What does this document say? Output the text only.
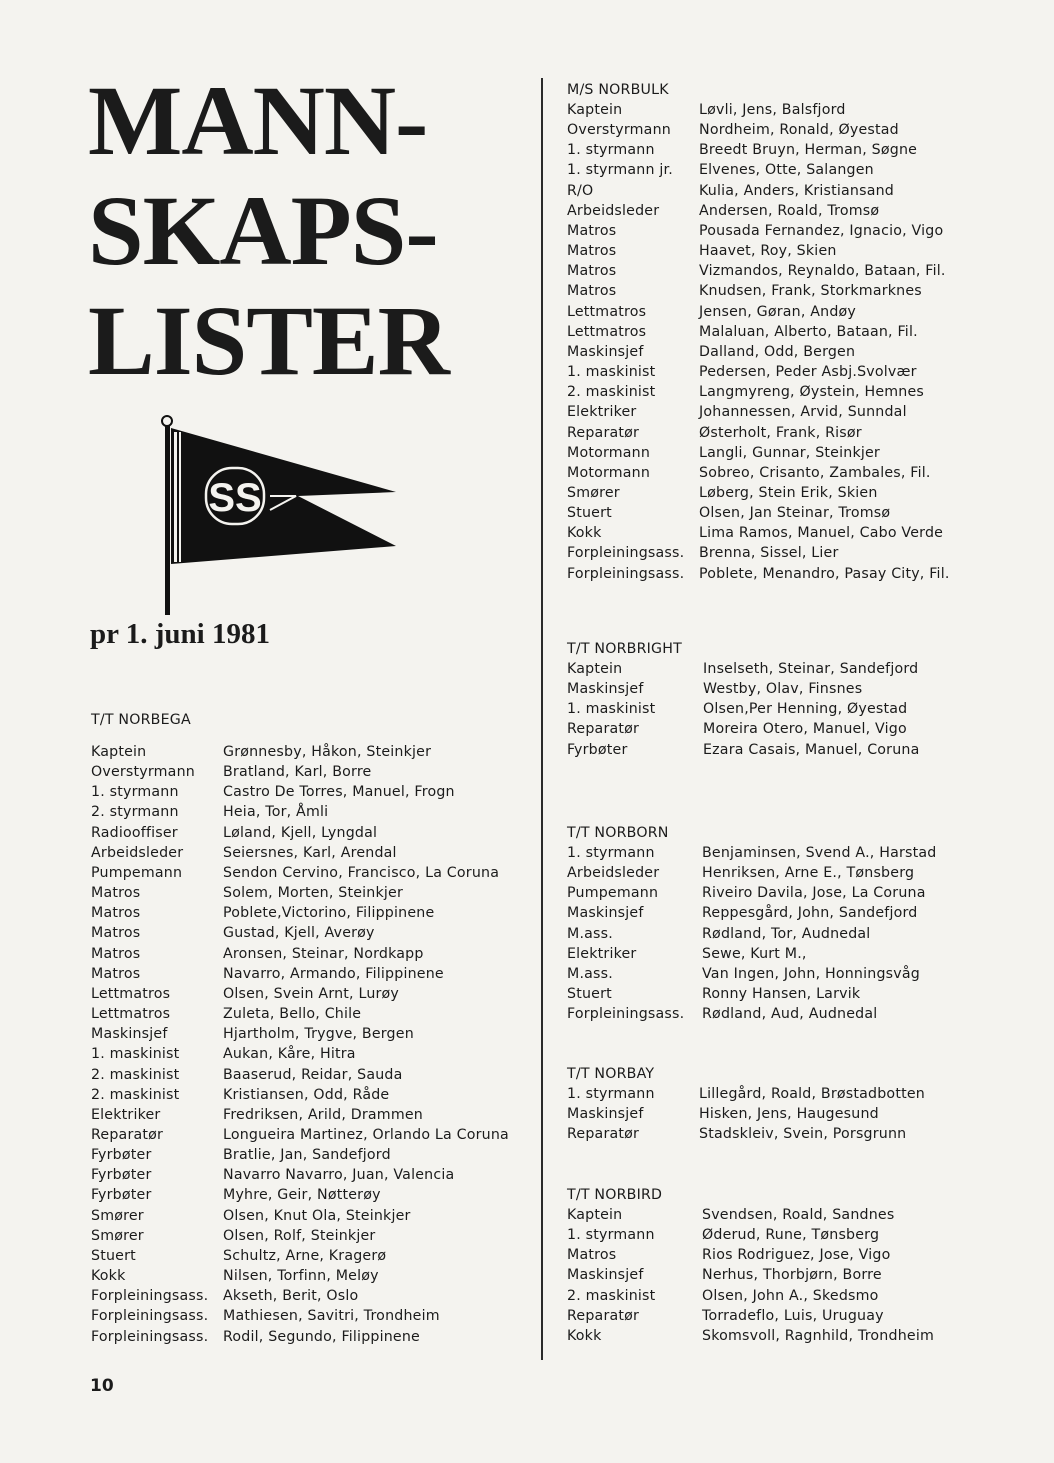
MANN-
SKAPS-
LISTER
SS
pr 1. juni 1981
T/T NORBEGA
Kaptein	Grønnesby, Håkon, Steinkjer
Overstyrmann Bratland, Karl, Borre
1. styrmann	Castro De Torres, Manuel, Frogn
2. styrmann	Heia, Tor, Åmli
Radiooffiser	Løland, Kjell, Lyngdal
Arbeidsleder	Seiersnes, Karl, Arendal
Pumpemann	Sendon Cervino, Francisco, La Coruna
Matros	Solem, Morten, Steinkjer
Matros	Poblete,Victorino, Filippinene
Matros	Gustad, Kjell, Averøy
Matros	Aronsen, Steinar, Nordkapp
Matros	Navarro, Armando, Filippinene
Lettmatros	Olsen, Svein Arnt, Lurøy
Lettmatros	Zuleta, Bello, Chile
Maskinsjef	Hjartholm, Trygve, Bergen
1. maskinist	Aukan, Kåre, Hitra
2. maskinist	Baaserud, Reidar, Sauda
2. maskinist	Kristiansen, Odd, Råde
Elektriker	Fredriksen, Arild, Drammen
Reparatør	Longueira Martinez, Orlando La Coruna
Fyrbøter	Bratlie, Jan, Sandefjord
Fyrbøter	Navarro Navarro, Juan, Valencia
Fyrbøter	Myhre, Geir, Nøtterøy
Smører	Olsen, Knut Ola, Steinkjer
Smører	Olsen, Rolf, Steinkjer
Stuert	Schultz, Arne, Kragerø
Kokk	Nilsen, Torfinn, Meløy
Forpleiningsass. Akseth, Berit, Oslo
Forpleiningsass. Mathiesen, Savitri, Trondheim
Forpleiningsass. Rodil, Segundo, Filippinene
M/S NORBULK
Kaptein	Løvli, Jens, Balsfjord
Overstyrmann Nordheim, Ronald, Øyestad
1. styrmann	Breedt Bruyn, Herman, Søgne
1. styrmann jr. Elvenes, Otte, Salangen
R/O	Kulia, Anders, Kristiansand
Arbeidsleder	Andersen, Roald, Tromsø
Matros	Pousada Fernandez, Ignacio, Vigo
Matros	Haavet, Roy, Skien
Matros	Vizmandos, Reynaldo, Bataan, Fil.
Matros	Knudsen, Frank, Storkmarknes
Lettmatros	Jensen, Gøran, Andøy
Lettmatros	Malaluan, Alberto, Bataan, Fil.
Maskinsjef	Dalland, Odd, Bergen
1. maskinist	Pedersen, Peder Asbj.Svolvær
2. maskinist	Langmyreng, Øystein, Hemnes
Elektriker	Johannessen, Arvid, Sunndal
Reparatør	Østerholt, Frank, Risør
Motormann	Langli, Gunnar, Steinkjer
Motormann	Sobreo, Crisanto, Zambales, Fil.
Smører	Løberg, Stein Erik, Skien
Stuert	Olsen, Jan Steinar, Tromsø
Kokk	Lima Ramos, Manuel, Cabo Verde
Forpleiningsass. Brenna, Sissel, Lier
Forpleiningsass. Poblete, Menandro, Pasay City, Fil.
T/T NORBRIGHT
Kaptein	Inselseth, Steinar, Sandefjord
Maskinsjef	Westby, Olav, Finsnes
1. maskinist	Olsen,Per Henning, Øyestad
Reparatør	Moreira Otero, Manuel, Vigo
Fyrbøter	Ezara Casais, Manuel, Coruna
T/T NORBORN
1. styrmann	Benjaminsen, Svend A., Harstad
Arbeidsleder	Henriksen, Arne E., Tønsberg
Pumpemann	Riveiro Davila, Jose, La Coruna
Maskinsjef	Reppesgård, John, Sandefjord
M.ass.	Rødland, Tor, Audnedal
Elektriker	Sewe, Kurt M.,
M.ass.	Van Ingen, John, Honningsvåg
Stuert	Ronny Hansen, Larvik
Forpleiningsass. Rødland, Aud, Audnedal
T/T NORBAY
1. styrmann	Lillegård, Roald, Brøstadbotten
Maskinsjef	Hisken, Jens, Haugesund
Reparatør	Stadskleiv, Svein, Porsgrunn
T/T NORBIRD
Kaptein	Svendsen, Roald, Sandnes
1. styrmann	Øderud, Rune, Tønsberg
Matros	Rios Rodriguez, Jose, Vigo
Maskinsjef	Nerhus, Thorbjørn, Borre
2. maskinist	Olsen, John A., Skedsmo
Reparatør	Torradeflo, Luis, Uruguay
Kokk	Skomsvoll, Ragnhild, Trondheim
10
